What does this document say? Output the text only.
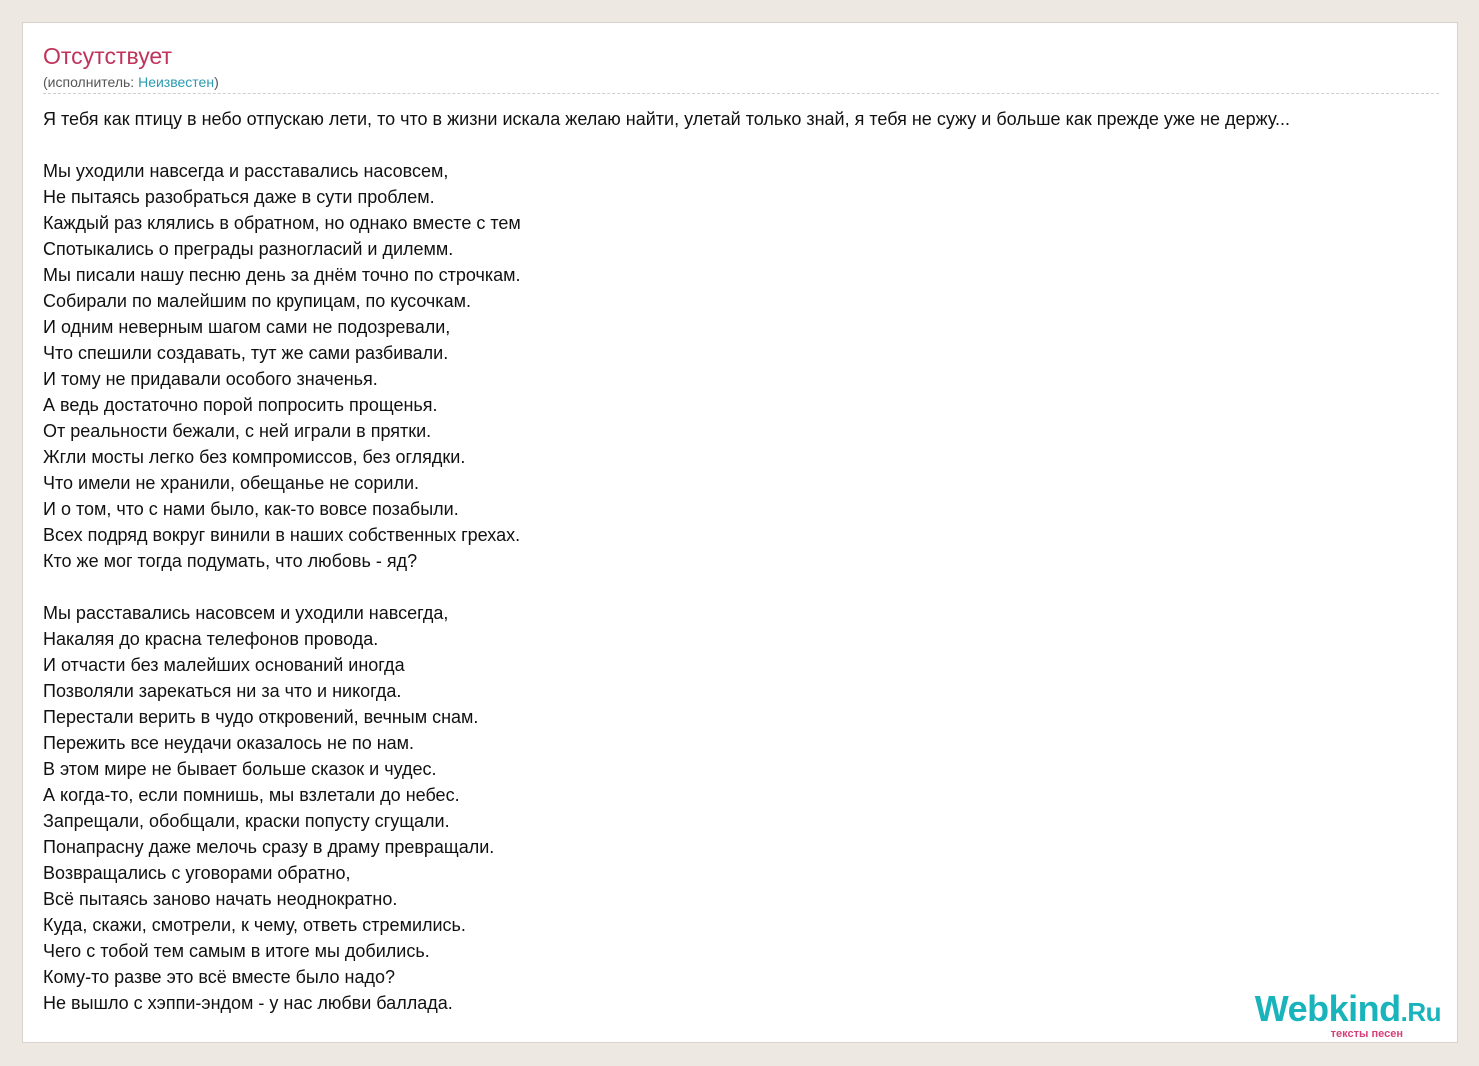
Отсутствует
(исполнитель: Неизвестен)
Я тебя как птицу в небо отпускаю лети, то что в жизни искала желаю найти, улетай только знай, я тебя не сужу и больше как прежде уже не держу...
Мы уходили навсегда и расставались насовсем,
Не пытаясь разобраться даже в сути проблем.
Каждый раз клялись в обратном, но однако вместе с тем
Спотыкались о преграды разногласий и дилемм.
Мы писали нашу песню день за днём точно по строчкам.
Собирали по малейшим по крупицам, по кусочкам.
И одним неверным шагом сами не подозревали,
Что спешили создавать, тут же сами разбивали.
И тому не придавали особого значенья.
А ведь достаточно порой попросить прощенья.
От реальности бежали, с ней играли в прятки.
Жгли мосты легко без компромиссов, без оглядки.
Что имели не хранили, обещанье не сорили.
И о том, что с нами было, как-то вовсе позабыли.
Всех подряд вокруг винили в наших собственных грехах.
Кто же мог тогда подумать, что любовь - яд?
Мы расставались насовсем и уходили навсегда,
Накаляя до красна телефонов провода.
И отчасти без малейших оснований иногда
Позволяли зарекаться ни за что и никогда.
Перестали верить в чудо откровений, вечным снам.
Пережить все неудачи оказалось не по нам.
В этом мире не бывает больше сказок и чудес.
А когда-то, если помнишь, мы взлетали до небес.
Запрещали, обобщали, краски попусту сгущали.
Понапрасну даже мелочь сразу в драму превращали.
Возвращались с уговорами обратно,
Всё пытаясь заново начать неоднократно.
Куда, скажи, смотрели, к чему, ответь стремились.
Чего с тобой тем самым в итоге мы добились.
Кому-то разве это всё вместе было надо?
Не вышло с хэппи-эндом - у нас любви баллада.	Webkind.Ru
тексты песен
